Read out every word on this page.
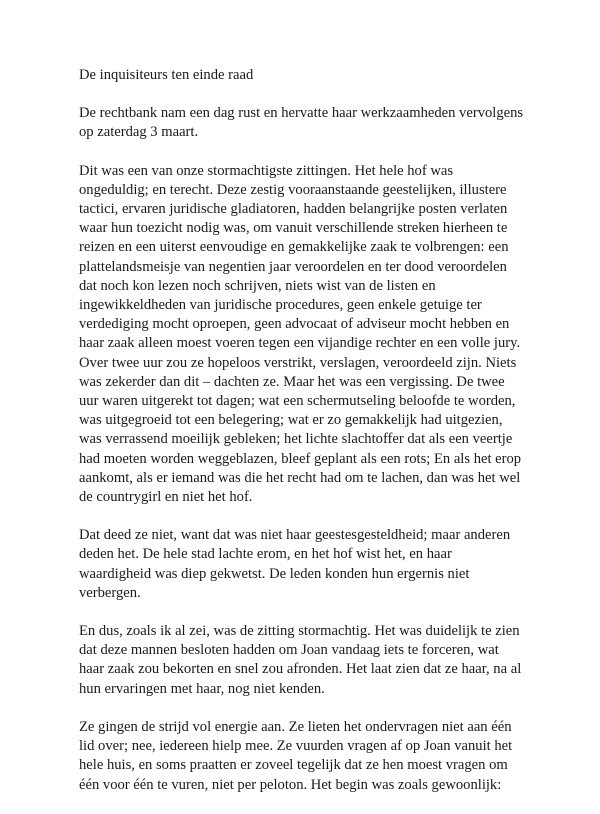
De inquisiteurs ten einde raad

De rechtbank nam een dag rust en hervatte haar werkzaamheden vervolgens
op zaterdag 3 maart.

Dit was een van onze stormachtigste zittingen. Het hele hof was
ongeduldig; en terecht. Deze zestig vooraanstaande geestelijken, illustere
tactici, ervaren juridische gladiatoren, hadden belangrijke posten verlaten
waar hun toezicht nodig was, om vanuit verschillende streken hierheen te
reizen en een uiterst eenvoudige en gemakkelijke zaak te volbrengen: een
plattelandsmeisje van negentien jaar veroordelen en ter dood veroordelen
dat noch kon lezen noch schrijven, niets wist van de listen en
ingewikkeldheden van juridische procedures, geen enkele getuige ter
verdediging mocht oproepen, geen advocaat of adviseur mocht hebben en
haar zaak alleen moest voeren tegen een vijandige rechter en een volle jury.
Over twee uur zou ze hopeloos verstrikt, verslagen, veroordeeld zijn. Niets
was zekerder dan dit – dachten ze. Maar het was een vergissing. De twee
uur waren uitgerekt tot dagen; wat een schermutseling beloofde te worden,
was uitgegroeid tot een belegering; wat er zo gemakkelijk had uitgezien,
was verrassend moeilijk gebleken; het lichte slachtoffer dat als een veertje
had moeten worden weggeblazen, bleef geplant als een rots; En als het erop
aankomt, als er iemand was die het recht had om te lachen, dan was het wel
de countrygirl en niet het hof.

Dat deed ze niet, want dat was niet haar geestesgesteldheid; maar anderen
deden het. De hele stad lachte erom, en het hof wist het, en haar
waardigheid was diep gekwetst. De leden konden hun ergernis niet
verbergen.

En dus, zoals ik al zei, was de zitting stormachtig. Het was duidelijk te zien
dat deze mannen besloten hadden om Joan vandaag iets te forceren, wat
haar zaak zou bekorten en snel zou afronden. Het laat zien dat ze haar, na al
hun ervaringen met haar, nog niet kenden.

Ze gingen de strijd vol energie aan. Ze lieten het ondervragen niet aan één
lid over; nee, iedereen hielp mee. Ze vuurden vragen af op Joan vanuit het
hele huis, en soms praatten er zoveel tegelijk dat ze hen moest vragen om
één voor één te vuren, niet per peloton. Het begin was zoals gewoonlijk:
